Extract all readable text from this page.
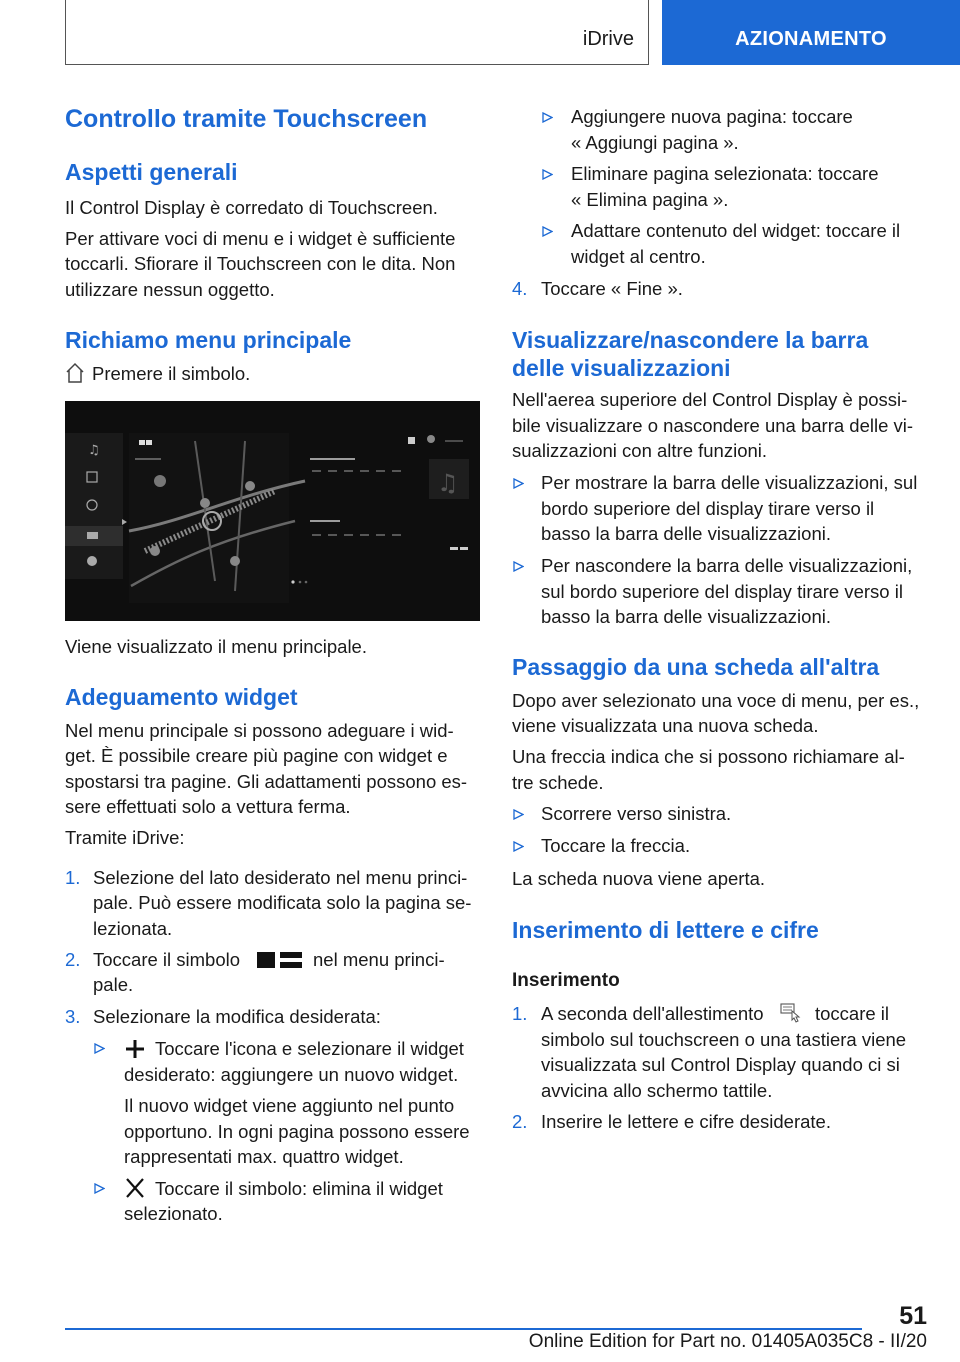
iDrive	AZIONAMENTO
Controllo tramite Touchscreen
Aspetti generali
Il Control Display è corredato di Touchscreen.
Per attivare voci di menu e i widget è sufficiente
toccarli. Sfiorare il Touchscreen con le dita. Non
utilizzare nessun oggetto.
Richiamo menu principale
Premere il simbolo.
♫
♫
Viene visualizzato il menu principale.
Adeguamento widget
Nel menu principale si possono adeguare i wid-
get. È possibile creare più pagine con widget e
spostarsi tra pagine. Gli adattamenti possono es-
sere effettuati solo a vettura ferma.
Tramite iDrive:
1. Selezione del lato desiderato nel menu princi-
pale. Può essere modificata solo la pagina se-
lezionata.
2. Toccare il simbolo	nel menu princi-
pale.
3. Selezionare la modifica desiderata:
Toccare l'icona e selezionare il widget
desiderato: aggiungere un nuovo widget.
Il nuovo widget viene aggiunto nel punto
opportuno. In ogni pagina possono essere
rappresentati max. quattro widget.
Toccare il simbolo: elimina il widget
selezionato.
Aggiungere nuova pagina: toccare
« Aggiungi pagina ».
Eliminare pagina selezionata: toccare
« Elimina pagina ».
Adattare contenuto del widget: toccare il
widget al centro.
4. Toccare « Fine ».
Visualizzare/nascondere la barra
delle visualizzazioni
Nell'aerea superiore del Control Display è possi-
bile visualizzare o nascondere una barra delle vi-
sualizzazioni con altre funzioni.
Per mostrare la barra delle visualizzazioni, sul
bordo superiore del display tirare verso il
basso la barra delle visualizzazioni.
Per nascondere la barra delle visualizzazioni,
sul bordo superiore del display tirare verso il
basso la barra delle visualizzazioni.
Passaggio da una scheda all'altra
Dopo aver selezionato una voce di menu, per es.,
viene visualizzata una nuova scheda.
Una freccia indica che si possono richiamare al-
tre schede.
Scorrere verso sinistra.
Toccare la freccia.
La scheda nuova viene aperta.
Inserimento di lettere e cifre
Inserimento
1. A seconda dell'allestimento	toccare il
simbolo sul touchscreen o una tastiera viene
visualizzata sul Control Display quando ci si
avvicina allo schermo tattile.
2. Inserire le lettere e cifre desiderate.
51
Online Edition for Part no. 01405A035C8 - II/20
